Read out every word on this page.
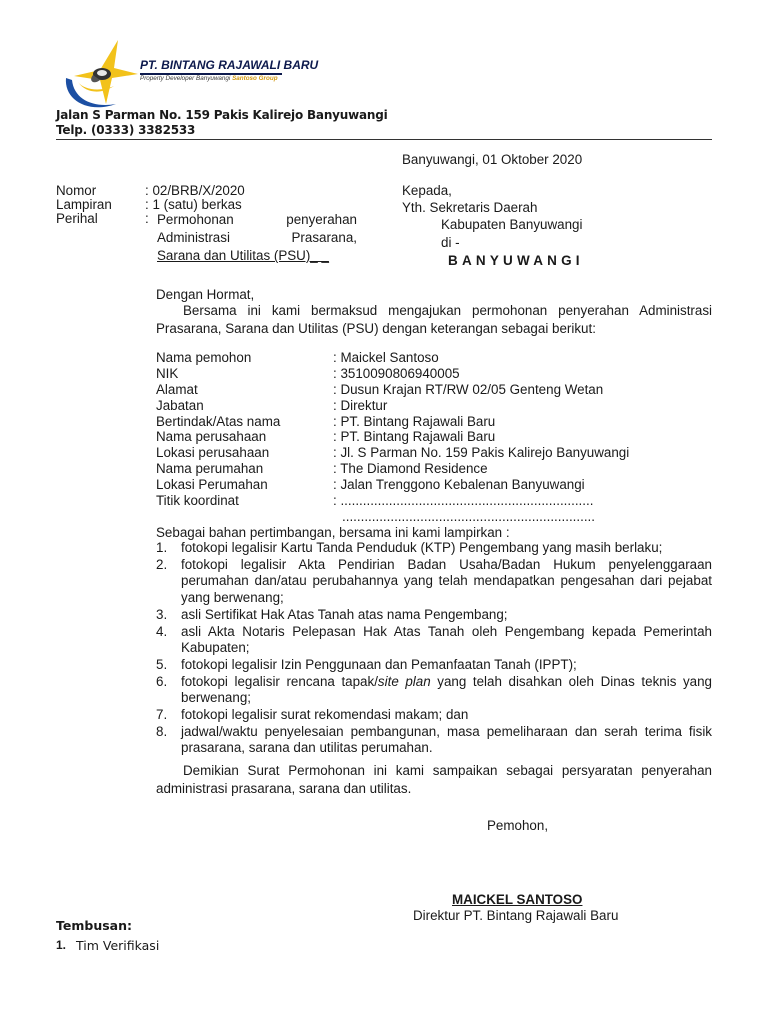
PT. BINTANG RAJAWALI BARU
Property Developer Banyuwangi Santoso Group
Jalan S Parman No. 159 Pakis Kalirejo Banyuwangi
Telp. (0333) 3382533
Banyuwangi, 01 Oktober 2020
Kepada,
Yth. Sekretaris Daerah
Kabupaten Banyuwangi
di -
BANYUWANGI
Nomor	: 02/BRB/X/2020
Lampiran : 1 (satu) berkas
Perihal	: Permohonan	penyerahan
Administrasi	Prasarana,
Sarana dan Utilitas (PSU)_ _
Dengan Hormat,
Bersama ini kami bermaksud mengajukan permohonan penyerahan Administrasi Prasarana, Sarana dan Utilitas (PSU) dengan keterangan sebagai berikut:
Nama pemohon	: Maickel Santoso
NIK	: 3510090806940005
Alamat	: Dusun Krajan RT/RW 02/05 Genteng Wetan
Jabatan	: Direktur
Bertindak/Atas nama	: PT. Bintang Rajawali Baru
Nama perusahaan	: PT. Bintang Rajawali Baru
Lokasi perusahaan	: Jl. S Parman No. 159 Pakis Kalirejo Banyuwangi
Nama perumahan	: The Diamond Residence
Lokasi Perumahan	: Jalan Trenggono Kebalenan Banyuwangi
Titik koordinat	: ....................................................................
....................................................................
Sebagai bahan pertimbangan, bersama ini kami lampirkan :
1.	fotokopi legalisir Kartu Tanda Penduduk (KTP) Pengembang yang masih berlaku;
2.	fotokopi legalisir Akta Pendirian Badan Usaha/Badan Hukum penyelenggaraan perumahan dan/atau perubahannya yang telah mendapatkan pengesahan dari pejabat yang berwenang;
3.	asli Sertifikat Hak Atas Tanah atas nama Pengembang;
4.	asli Akta Notaris Pelepasan Hak Atas Tanah oleh Pengembang kepada Pemerintah Kabupaten;
5.	fotokopi legalisir Izin Penggunaan dan Pemanfaatan Tanah (IPPT);
6.	fotokopi legalisir rencana tapak/site plan yang telah disahkan oleh Dinas teknis yang berwenang;
7.	fotokopi legalisir surat rekomendasi makam; dan
8.	jadwal/waktu penyelesaian pembangunan, masa pemeliharaan dan serah terima fisik prasarana, sarana dan utilitas perumahan.
Demikian Surat Permohonan ini kami sampaikan sebagai persyaratan penyerahan administrasi prasarana, sarana dan utilitas.
Pemohon,
MAICKEL SANTOSO
Direktur PT. Bintang Rajawali Baru
Tembusan:
1. Tim Verifikasi
